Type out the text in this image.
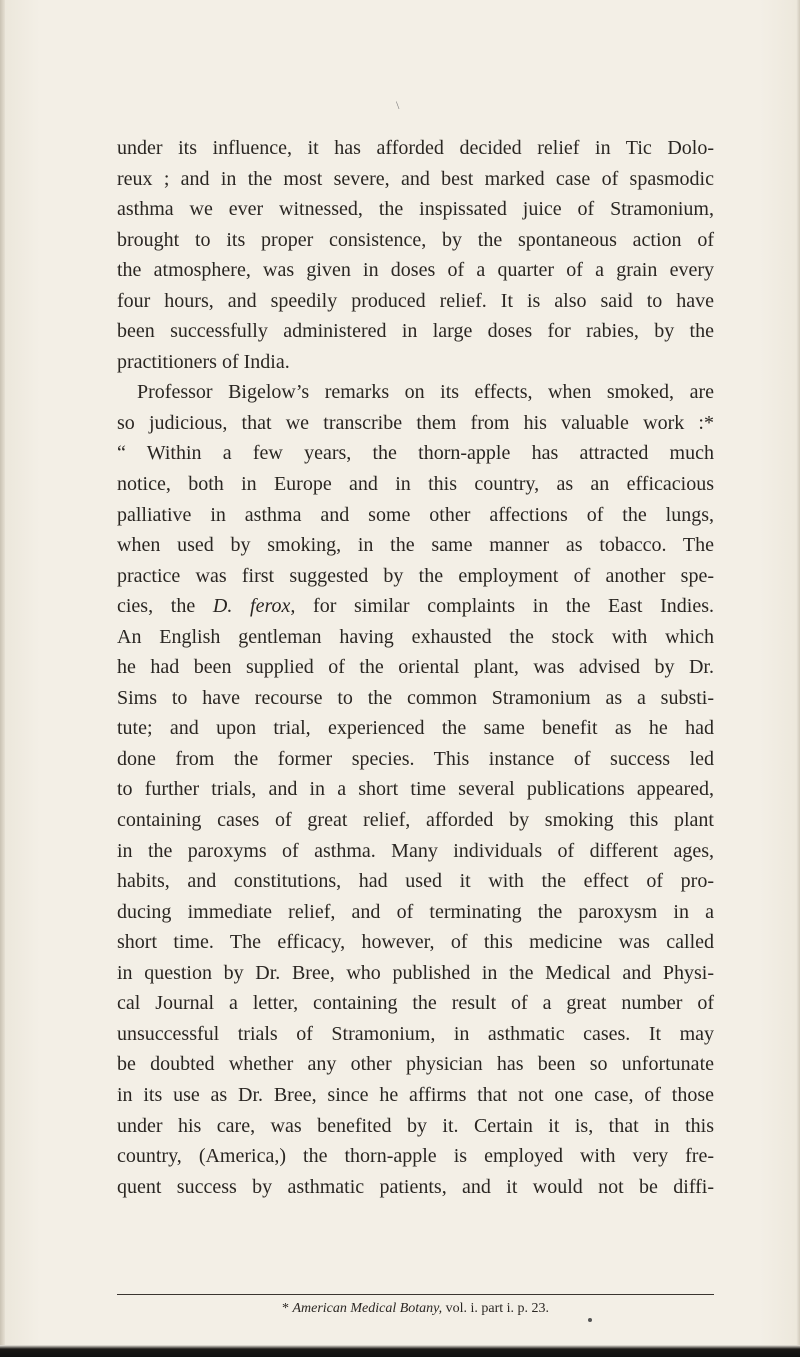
\
under its influence, it has afforded decided relief in Tic Dolo-
reux ; and in the most severe, and best marked case of spasmodic
asthma we ever witnessed, the inspissated juice of Stramonium,
brought to its proper consistence, by the spontaneous action of
the atmosphere, was given in doses of a quarter of a grain every
four hours, and speedily produced relief. It is also said to have
been successfully administered in large doses for rabies, by the
practitioners of India.
Professor Bigelow’s remarks on its effects, when smoked, are
so judicious, that we transcribe them from his valuable work :*
“ Within a few years, the thorn-apple has attracted much
notice, both in Europe and in this country, as an efficacious
palliative in asthma and some other affections of the lungs,
when used by smoking, in the same manner as tobacco. The
practice was first suggested by the employment of another spe-
cies, the D. ferox, for similar complaints in the East Indies.
An English gentleman having exhausted the stock with which
he had been supplied of the oriental plant, was advised by Dr.
Sims to have recourse to the common Stramonium as a substi-
tute; and upon trial, experienced the same benefit as he had
done from the former species. This instance of success led
to further trials, and in a short time several publications appeared,
containing cases of great relief, afforded by smoking this plant
in the paroxyms of asthma. Many individuals of different ages,
habits, and constitutions, had used it with the effect of pro-
ducing immediate relief, and of terminating the paroxysm in a
short time. The efficacy, however, of this medicine was called
in question by Dr. Bree, who published in the Medical and Physi-
cal Journal a letter, containing the result of a great number of
unsuccessful trials of Stramonium, in asthmatic cases. It may
be doubted whether any other physician has been so unfortunate
in its use as Dr. Bree, since he affirms that not one case, of those
under his care, was benefited by it. Certain it is, that in this
country, (America,) the thorn-apple is employed with very fre-
quent success by asthmatic patients, and it would not be diffi-
* American Medical Botany, vol. i. part i. p. 23.
